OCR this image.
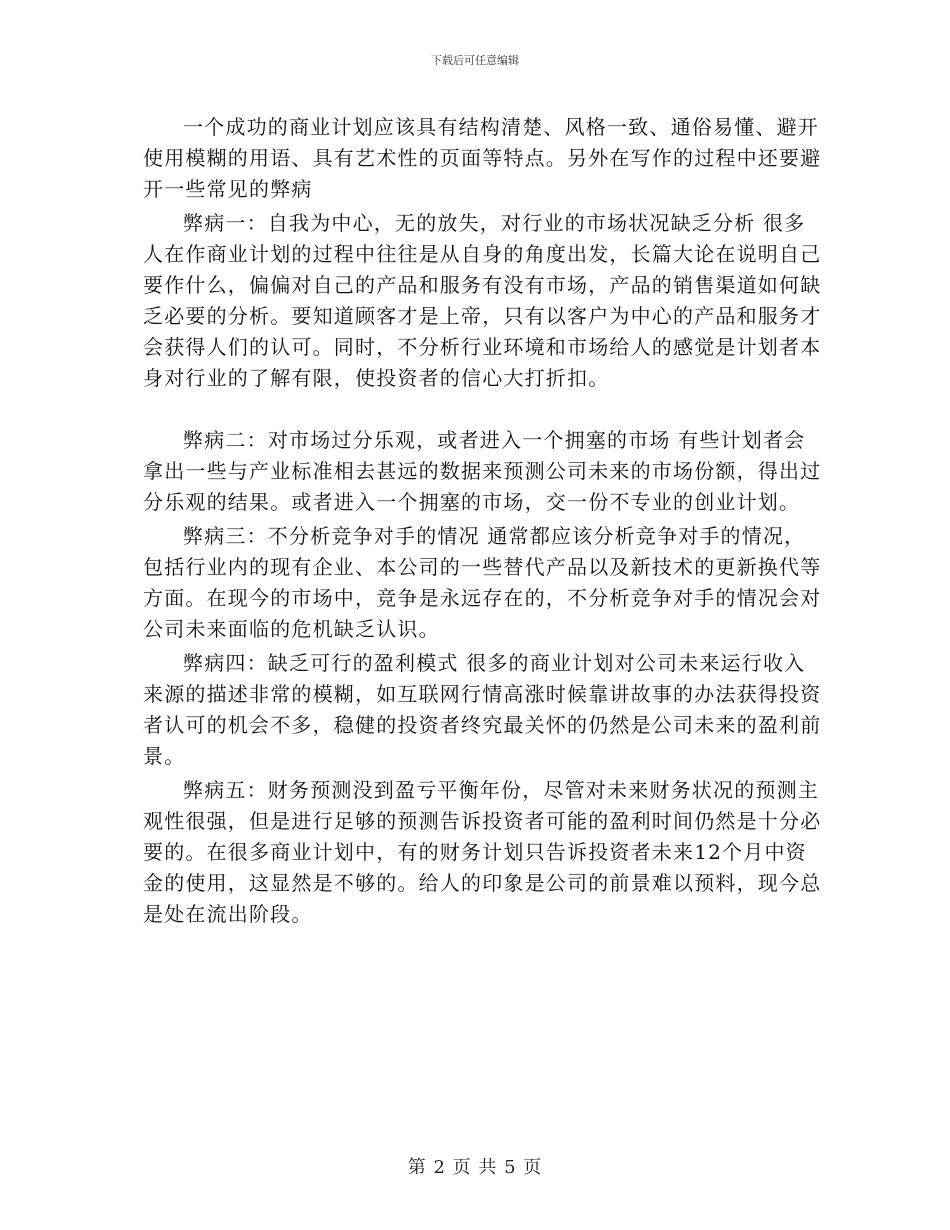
下载后可任意编辑

一个成功的商业计划应该具有结构清楚、风格一致、通俗易懂、避开使用模糊的用语、具有艺术性的页面等特点。另外在写作的过程中还要避开一些常见的弊病

弊病一：自我为中心，无的放失，对行业的市场状况缺乏分析 很多人在作商业计划的过程中往往是从自身的角度出发，长篇大论在说明自己要作什么，偏偏对自己的产品和服务有没有市场，产品的销售渠道如何缺乏必要的分析。要知道顾客才是上帝，只有以客户为中心的产品和服务才会获得人们的认可。同时，不分析行业环境和市场给人的感觉是计划者本身对行业的了解有限，使投资者的信心大打折扣。

弊病二：对市场过分乐观，或者进入一个拥塞的市场 有些计划者会拿出一些与产业标准相去甚远的数据来预测公司未来的市场份额，得出过分乐观的结果。或者进入一个拥塞的市场，交一份不专业的创业计划。

弊病三：不分析竞争对手的情况 通常都应该分析竞争对手的情况，包括行业内的现有企业、本公司的一些替代产品以及新技术的更新换代等方面。在现今的市场中，竞争是永远存在的，不分析竞争对手的情况会对公司未来面临的危机缺乏认识。

弊病四：缺乏可行的盈利模式 很多的商业计划对公司未来运行收入来源的描述非常的模糊，如互联网行情高涨时候靠讲故事的办法获得投资者认可的机会不多，稳健的投资者终究最关怀的仍然是公司未来的盈利前景。

弊病五：财务预测没到盈亏平衡年份，尽管对未来财务状况的预测主观性很强，但是进行足够的预测告诉投资者可能的盈利时间仍然是十分必要的。在很多商业计划中，有的财务计划只告诉投资者未来12个月中资金的使用，这显然是不够的。给人的印象是公司的前景难以预料，现今总是处在流出阶段。

第 2 页 共 5 页
